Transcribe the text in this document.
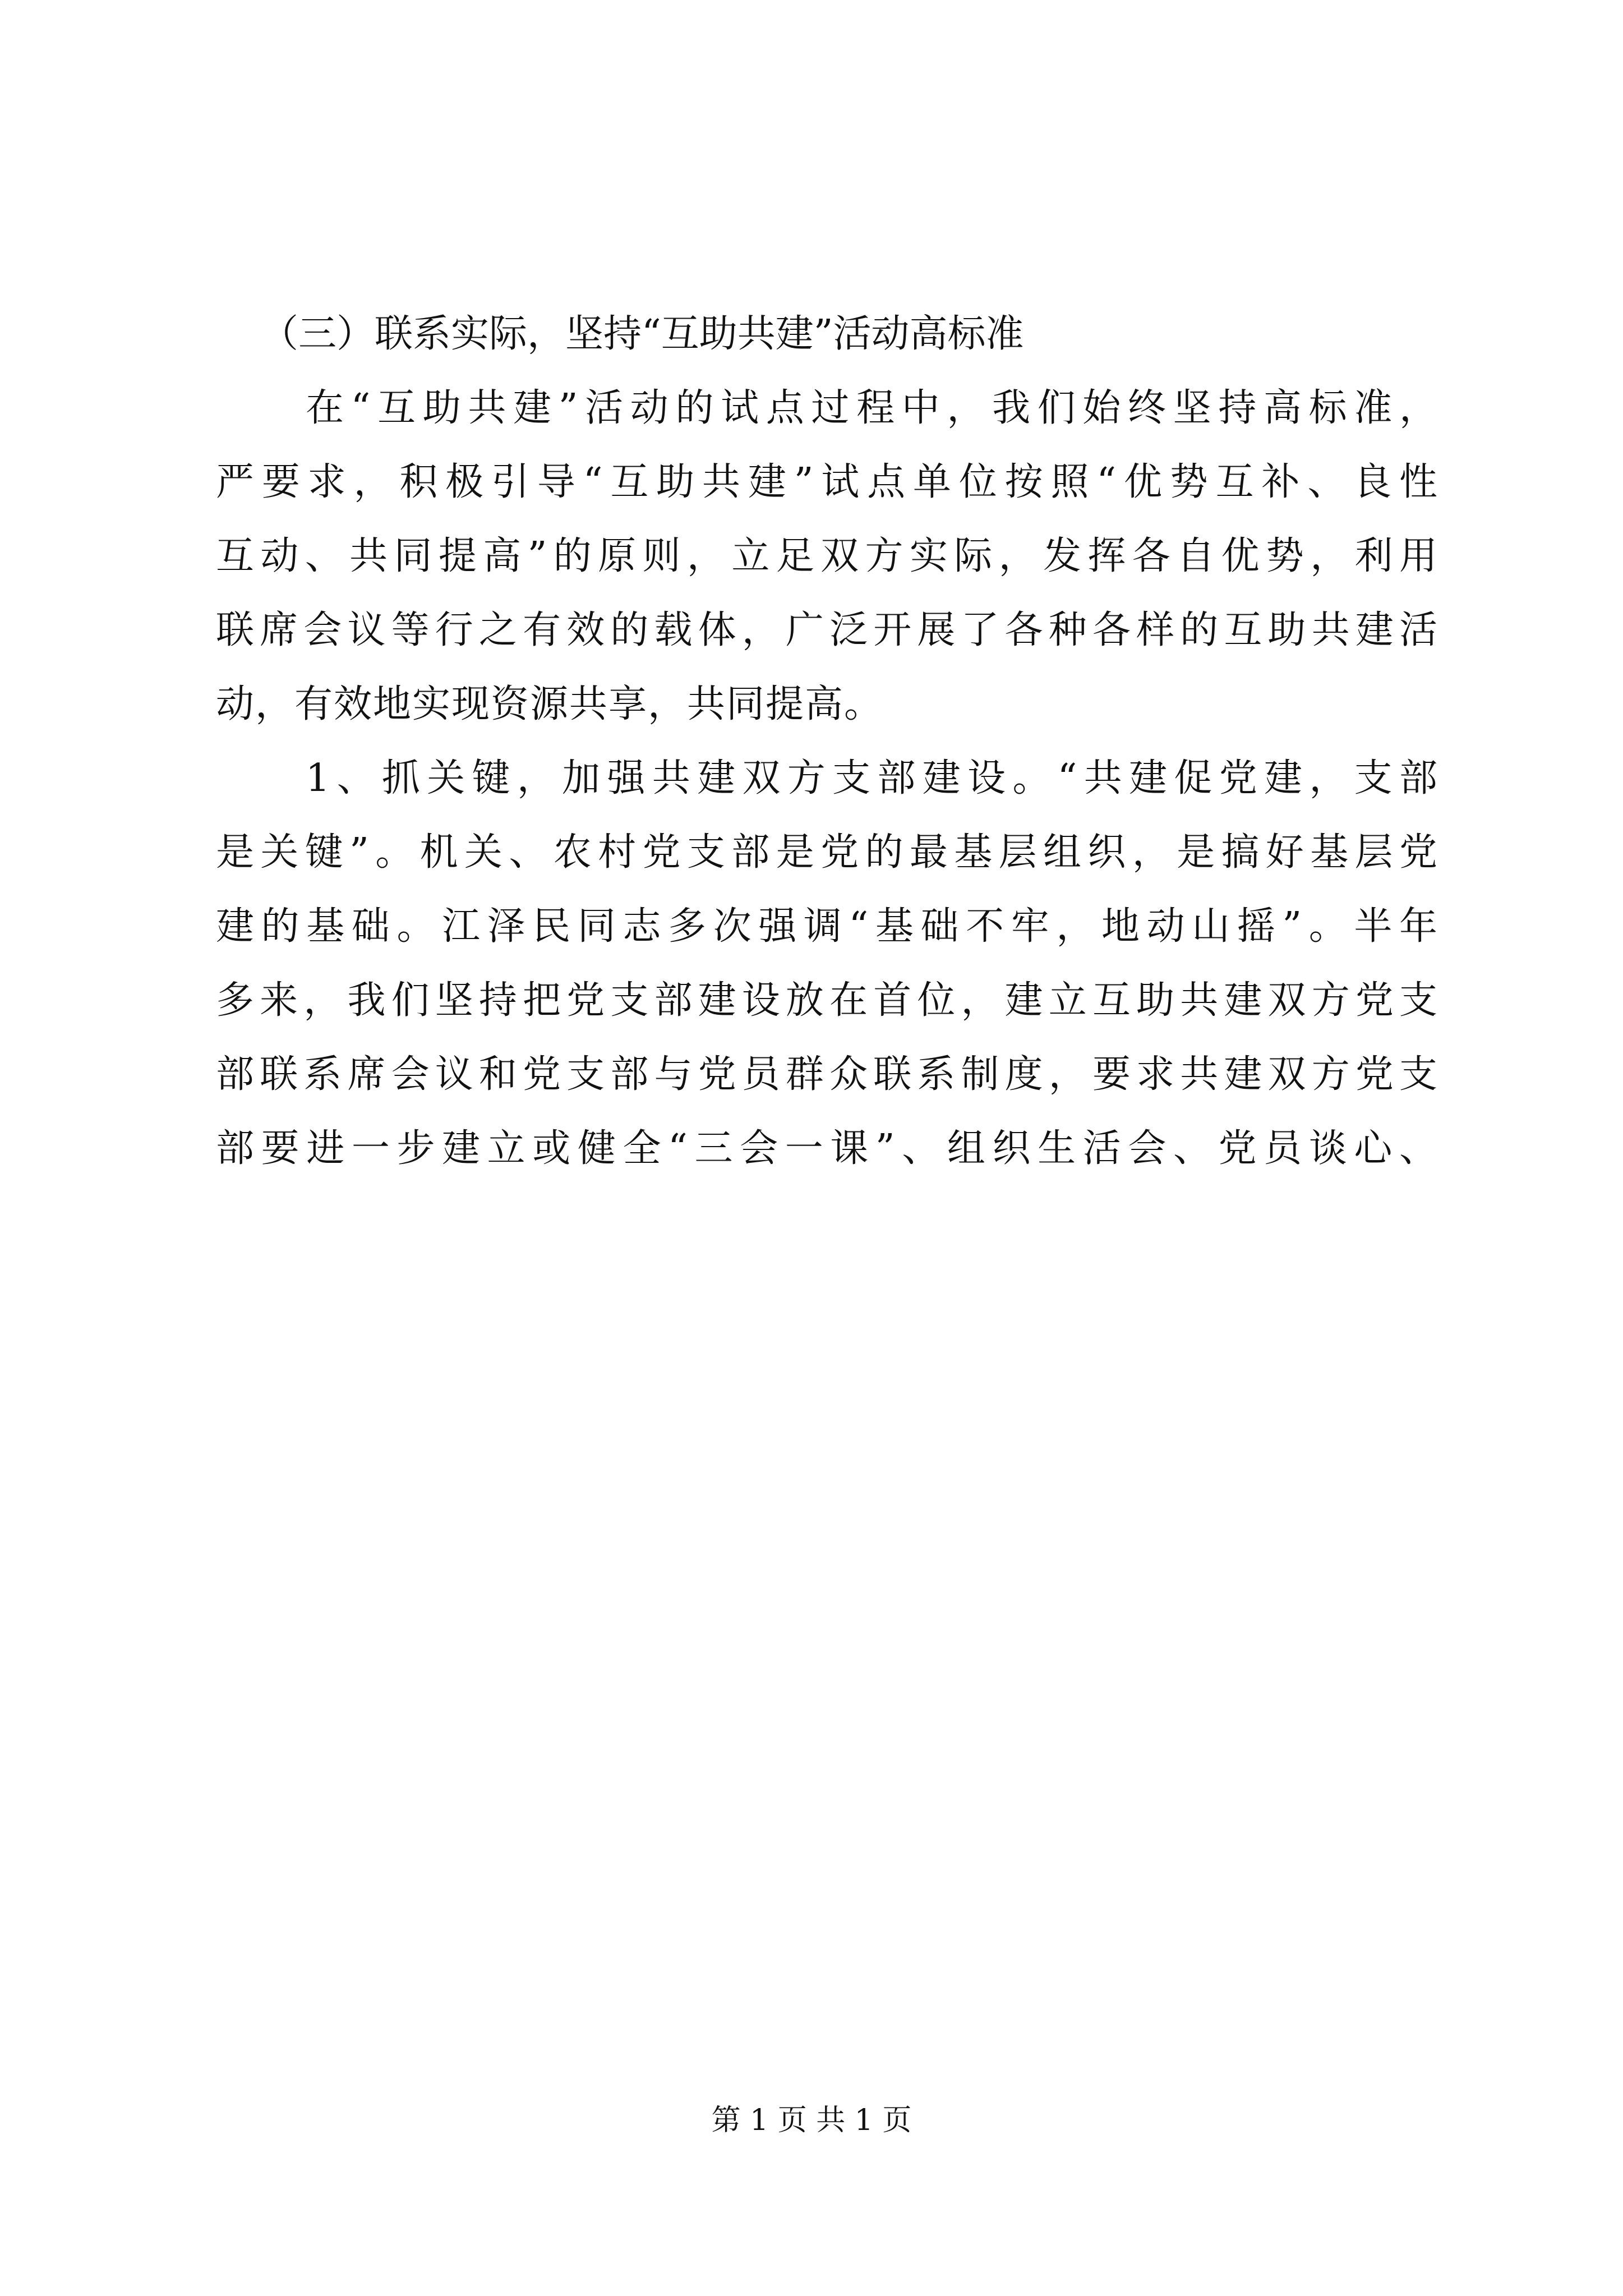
（三）联系实际，坚持“互助共建”活动高标准
在“互助共建”活动的试点过程中，我们始终坚持高标准，
严要求，积极引导“互助共建”试点单位按照“优势互补、良性
互动、共同提高”的原则，立足双方实际，发挥各自优势，利用
联席会议等行之有效的载体，广泛开展了各种各样的互助共建活
动，有效地实现资源共享，共同提高。
1、抓关键，加强共建双方支部建设。“共建促党建，支部
是关键”。机关、农村党支部是党的最基层组织，是搞好基层党
建的基础。江泽民同志多次强调“基础不牢，地动山摇”。半年
多来，我们坚持把党支部建设放在首位，建立互助共建双方党支
部联系席会议和党支部与党员群众联系制度，要求共建双方党支
部要进一步建立或健全“三会一课”、组织生活会、党员谈心、
第 1 页 共 1 页
